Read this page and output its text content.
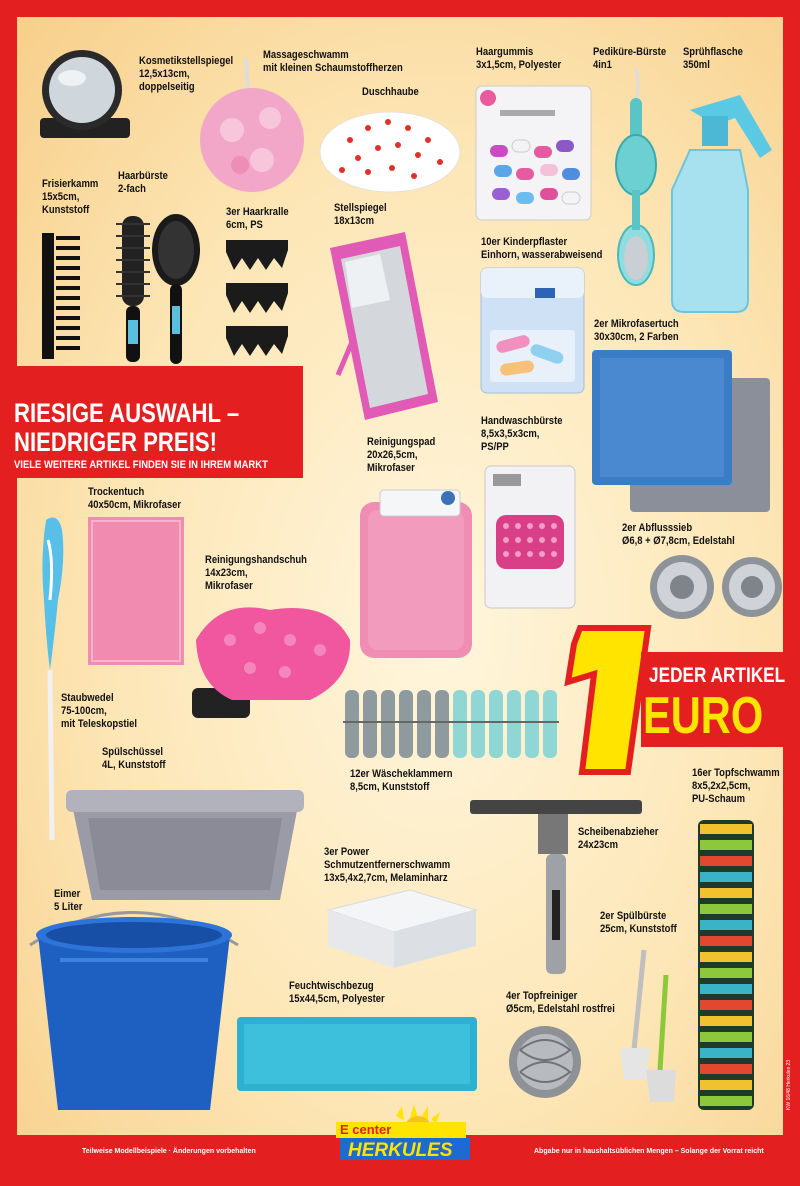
RIESIGE AUSWAHL –
NIEDRIGER PREIS!
VIELE WEITERE ARTIKEL FINDEN SIE IN IHREM MARKT
JEDER ARTIKEL
EURO
Kosmetikstellspiegel
12,5x13cm,
doppelseitig
Massageschwamm
mit kleinen Schaumstoffherzen
Haargummis
3x1,5cm, Polyester
Pediküre-Bürste
4in1
Sprühflasche
350ml
Duschhaube
Frisierkamm
15x5cm,
Kunststoff
Haarbürste
2-fach
3er Haarkralle
6cm, PS
Stellspiegel
18x13cm
10er Kinderpflaster
Einhorn, wasserabweisend
2er Mikrofasertuch
30x30cm, 2 Farben
Reinigungspad
20x26,5cm,
Mikrofaser
Handwaschbürste
8,5x3,5x3cm,
PS/PP
Trockentuch
40x50cm, Mikrofaser
2er Abflusssieb
Ø6,8 + Ø7,8cm, Edelstahl
Reinigungshandschuh
14x23cm,
Mikrofaser
Staubwedel
75-100cm,
mit Teleskopstiel
Spülschüssel
4L, Kunststoff
12er Wäscheklammern
8,5cm, Kunststoff
16er Topfschwamm
8x5,2x2,5cm,
PU-Schaum
Scheibenabzieher
24x23cm
3er Power
Schmutzentfernerschwamm
13x5,4x2,7cm, Melaminharz
Eimer
5 Liter
2er Spülbürste
25cm, Kunststoff
Feuchtwischbezug
15x44,5cm, Polyester	4er Topfreiniger
Ø5cm, Edelstahl rostfrei
E center
HERKULES
Teilweise Modellbeispiele · Änderungen vorbehalten	Abgabe nur in haushaltsüblichen Mengen – Solange der Vorrat reicht
KW 16/48 Herkules 23
